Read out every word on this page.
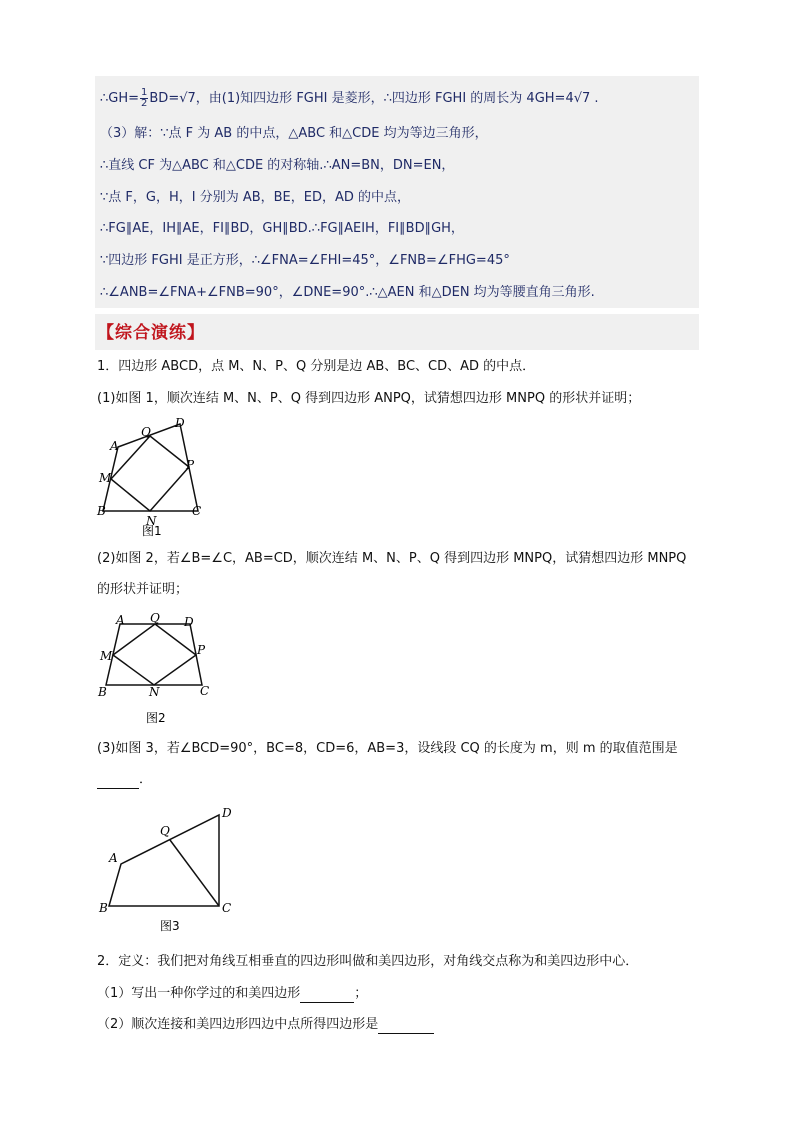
∴GH= $\frac{1}{2} BD=√7$，由(1)知四边形 FGHI 是菱形，∴四边形 FGHI 的周长为 4GH=4√7 .
（3）解：∵点 F 为 AB 的中点，△ABC 和△CDE 均为等边三角形，
∴直线 CF 为△ABC 和△CDE 的对称轴.∴AN=BN，DN=EN，
∵点 F，G，H，I 分别为 AB，BE，ED，AD 的中点，
∴FG∥AE，IH∥AE，FI∥BD，GH∥BD.∴FG∥AEIH，FI∥BD∥GH，
∵四边形 FGHI 是正方形，∴∠FNA=∠FHI=45°，∠FNB=∠FHG=45°
∴∠ANB=∠FNA+∠FNB=90°，∠DNE=90°.∴△AEN 和△DEN 均为等腰直角三角形.
【综合演练】
1．四边形 ABCD，点 M、N、P、Q 分别是边 AB、BC、CD、AD 的中点．
(1)如图 1，顺次连结 M、N、P、Q 得到四边形 ANPQ，试猜想四边形 MNPQ 的形状并证明；
A
Q
D
M
P
B
N
C
图1
(2)如图 2，若∠B=∠C，AB=CD，顺次连结 M、N、P、Q 得到四边形 MNPQ，试猜想四边形 MNPQ
的形状并证明；
A Q D
M	P
B	N	C
图2
(3)如图 3，若∠BCD=90°，BC=8，CD=6，AB=3，设线段 CQ 的长度为 m，则 m 的取值范围是
．
A
Q
D
B	C
图3
2．定义：我们把对角线互相垂直的四边形叫做和美四边形，对角线交点称为和美四边形中心．
（1）写出一种你学过的和美四边形	；
（2）顺次连接和美四边形四边中点所得四边形是
